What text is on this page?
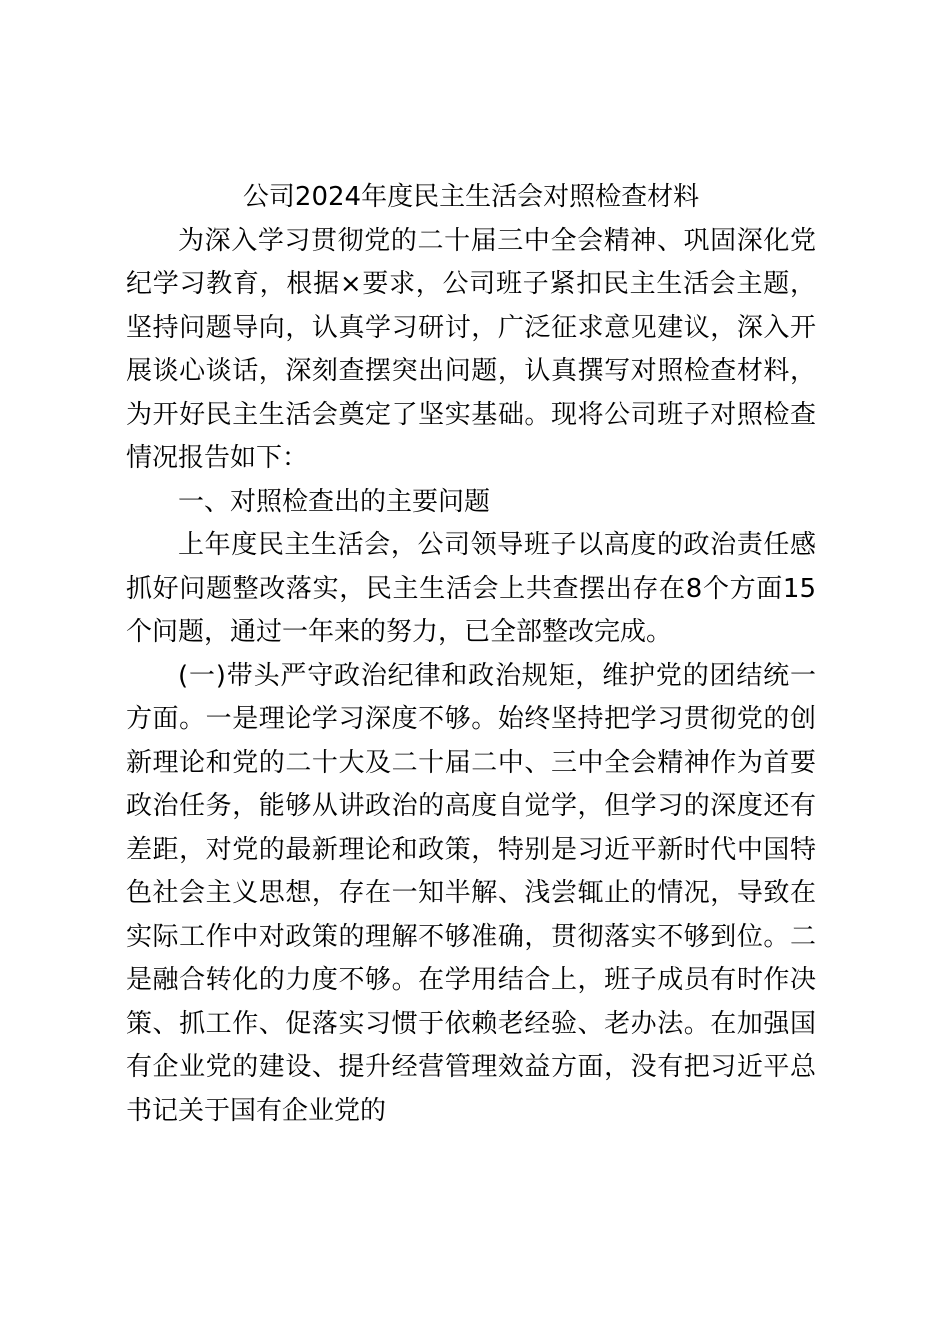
公司2024年度民主生活会对照检查材料

为深入学习贯彻党的二十届三中全会精神、巩固深化党纪学习教育，根据×要求，公司班子紧扣民主生活会主题，坚持问题导向，认真学习研讨，广泛征求意见建议，深入开展谈心谈话，深刻查摆突出问题，认真撰写对照检查材料，为开好民主生活会奠定了坚实基础。现将公司班子对照检查情况报告如下：

一、对照检查出的主要问题

上年度民主生活会，公司领导班子以高度的政治责任感抓好问题整改落实，民主生活会上共查摆出存在8个方面15个问题，通过一年来的努力，已全部整改完成。

(一)带头严守政治纪律和政治规矩，维护党的团结统一方面。一是理论学习深度不够。始终坚持把学习贯彻党的创新理论和党的二十大及二十届二中、三中全会精神作为首要政治任务，能够从讲政治的高度自觉学，但学习的深度还有差距，对党的最新理论和政策，特别是习近平新时代中国特色社会主义思想，存在一知半解、浅尝辄止的情况，导致在实际工作中对政策的理解不够准确，贯彻落实不够到位。二是融合转化的力度不够。在学用结合上，班子成员有时作决策、抓工作、促落实习惯于依赖老经验、老办法。在加强国有企业党的建设、提升经营管理效益方面，没有把习近平总书记关于国有企业党的
